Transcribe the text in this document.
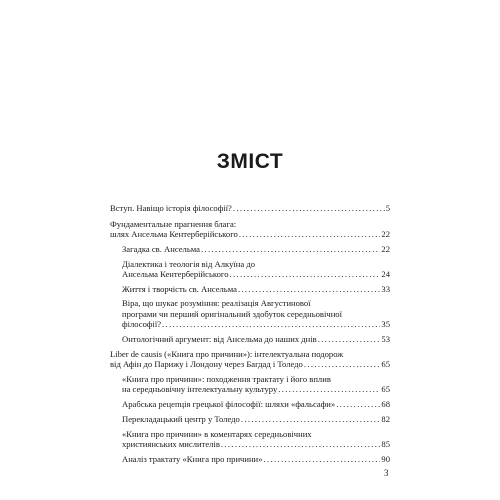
ЗМІСТ
Вступ. Навіщо історія філософії? . . .	5
Фундаментальне прагнення блага:
шлях Ансельма Кентерберійського . . .	22
Загадка св. Ансельма . . .	22
Діалектика і теологія від Алкуїна до
Ансельма Кентерберійського . . .	24
Життя і творчість св. Ансельма . . .	33
Віра, що шукає розуміння: реалізація Августинової
програми чи перший оригінальний здобуток середньовічної
філософії? . . .	35
Онтологічний аргумент: від Ансельма до наших днів . . .	53
Liber de causis («Книга про причини»): інтелектуальна подорож
від Афін до Парижу і Лондону через Багдад і Толедо . . .	65
«Книга про причини»: походження трактату і його вплив
на середньовічну інтелектуальну культуру . . .	65
Арабська рецепція грецької філософії: шляхи «фальсафи» . . .	68
Перекладацький центр у Толедо . . .	82
«Книга про причини» в коментарях середньовічних
християнських мислителів . . .	85
Аналіз трактату «Книга про причини» . . .	90
3
